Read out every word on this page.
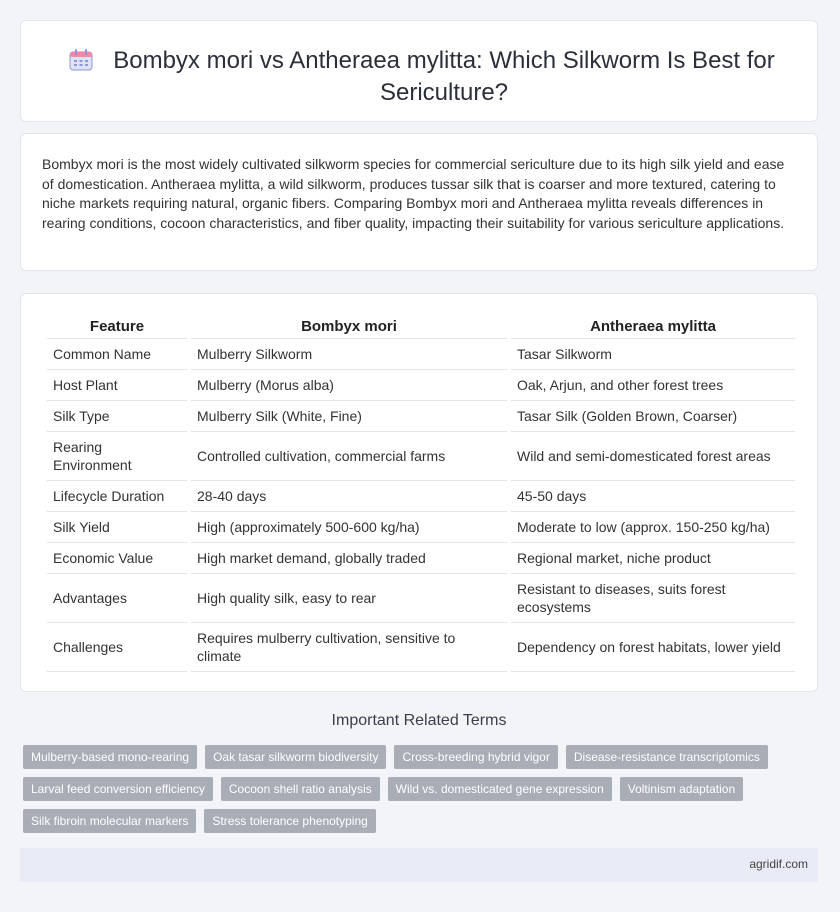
Bombyx mori vs Antheraea mylitta: Which Silkworm Is Best for Sericulture?

Bombyx mori is the most widely cultivated silkworm species for commercial sericulture due to its high silk yield and ease of domestication. Antheraea mylitta, a wild silkworm, produces tussar silk that is coarser and more textured, catering to niche markets requiring natural, organic fibers. Comparing Bombyx mori and Antheraea mylitta reveals differences in rearing conditions, cocoon characteristics, and fiber quality, impacting their suitability for various sericulture applications.

Feature	Bombyx mori	Antheraea mylitta
Common Name	Mulberry Silkworm	Tasar Silkworm
Host Plant	Mulberry (Morus alba)	Oak, Arjun, and other forest trees
Silk Type	Mulberry Silk (White, Fine)	Tasar Silk (Golden Brown, Coarser)
Rearing Environment	Controlled cultivation, commercial farms	Wild and semi-domesticated forest areas
Lifecycle Duration	28-40 days	45-50 days
Silk Yield	High (approximately 500-600 kg/ha)	Moderate to low (approx. 150-250 kg/ha)
Economic Value	High market demand, globally traded	Regional market, niche product
Advantages	High quality silk, easy to rear	Resistant to diseases, suits forest ecosystems
Challenges	Requires mulberry cultivation, sensitive to climate	Dependency on forest habitats, lower yield
Important Related Terms
Mulberry-based mono-rearing	Oak tasar silkworm biodiversity	Cross-breeding hybrid vigor	Disease-resistance transcriptomics
Larval feed conversion efficiency	Cocoon shell ratio analysis	Wild vs. domesticated gene expression	Voltinism adaptation
Silk fibroin molecular markers	Stress tolerance phenotyping
agridif.com
